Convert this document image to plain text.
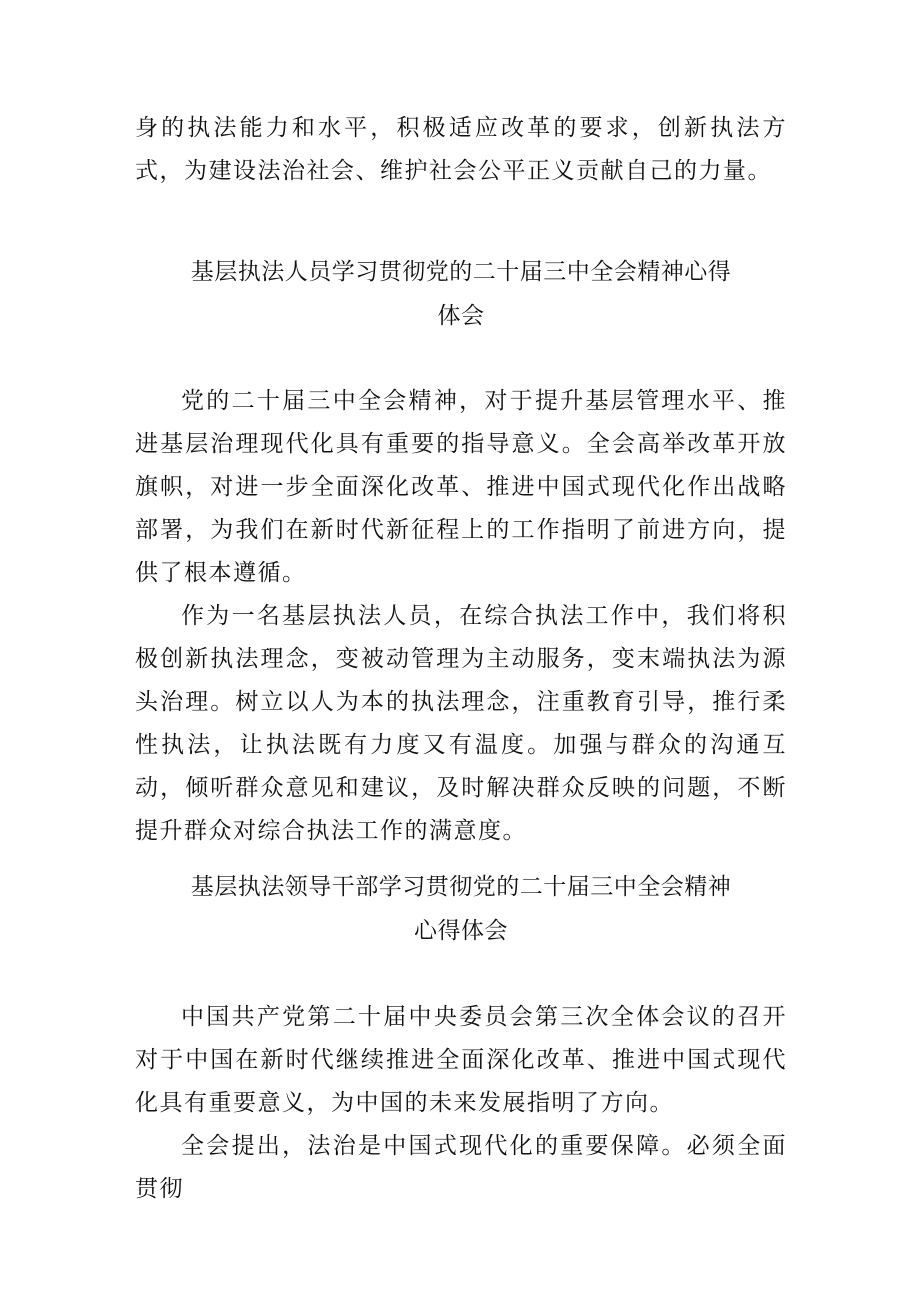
身的执法能力和水平，积极适应改革的要求，创新执法方式，为建设法治社会、维护社会公平正义贡献自己的力量。

基层执法人员学习贯彻党的二十届三中全会精神心得
体会

党的二十届三中全会精神，对于提升基层管理水平、推进基层治理现代化具有重要的指导意义。全会高举改革开放旗帜，对进一步全面深化改革、推进中国式现代化作出战略部署，为我们在新时代新征程上的工作指明了前进方向，提供了根本遵循。

作为一名基层执法人员，在综合执法工作中，我们将积极创新执法理念，变被动管理为主动服务，变末端执法为源头治理。树立以人为本的执法理念，注重教育引导，推行柔性执法，让执法既有力度又有温度。加强与群众的沟通互动，倾听群众意见和建议，及时解决群众反映的问题，不断提升群众对综合执法工作的满意度。

基层执法领导干部学习贯彻党的二十届三中全会精神
心得体会

中国共产党第二十届中央委员会第三次全体会议的召开对于中国在新时代继续推进全面深化改革、推进中国式现代化具有重要意义，为中国的未来发展指明了方向。

全会提出，法治是中国式现代化的重要保障。必须全面贯彻
